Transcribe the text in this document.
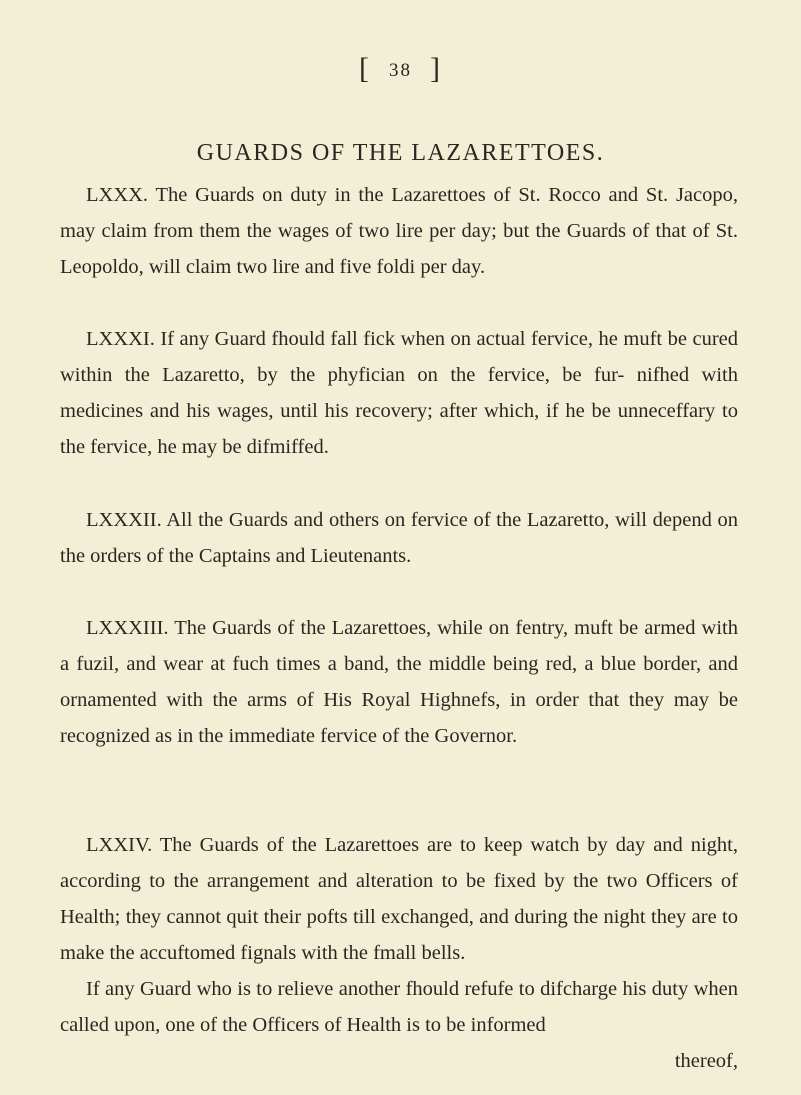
[ 38 ]
GUARDS OF THE LAZARETTOES.

LXXX. The Guards on duty in the Lazarettoes of St. Rocco and St. Jacopo, may claim from them the wages of two lire per day; but the Guards of that of St. Leopoldo, will claim two lire and five foldi per day.

LXXXI. If any Guard fhould fall fick when on actual fervice, he muft be cured within the Lazaretto, by the phyfician on the fervice, be fur- nifhed with medicines and his wages, until his recovery; after which, if he be unneceffary to the fervice, he may be difmiffed.

LXXXII. All the Guards and others on fervice of the Lazaretto, will depend on the orders of the Captains and Lieutenants.

LXXXIII. The Guards of the Lazarettoes, while on fentry, muft be armed with a fuzil, and wear at fuch times a band, the middle being red, a blue border, and ornamented with the arms of His Royal Highnefs, in order that they may be recognized as in the immediate fervice of the Governor.

LXXIV. The Guards of the Lazarettoes are to keep watch by day and night, according to the arrangement and alteration to be fixed by the two Officers of Health; they cannot quit their pofts till exchanged, and during the night they are to make the accuftomed fignals with the fmall bells.

If any Guard who is to relieve another fhould refufe to difcharge his duty when called upon, one of the Officers of Health is to be informed

thereof,
